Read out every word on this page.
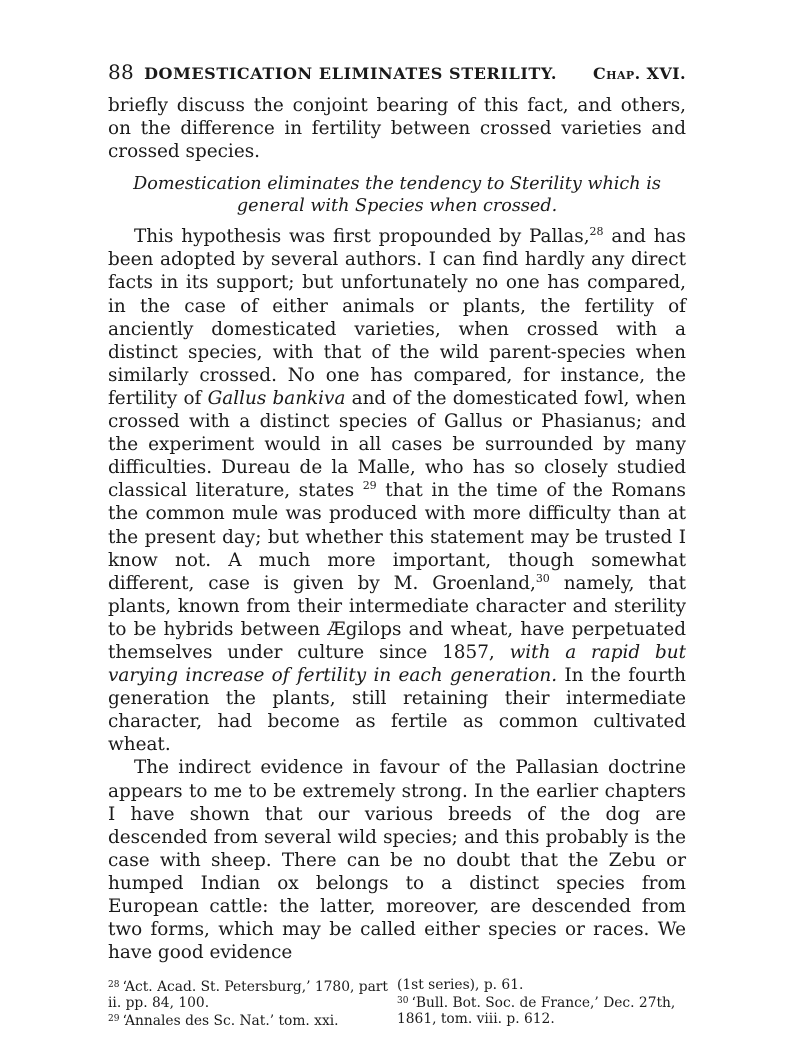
88 DOMESTICATION ELIMINATES STERILITY.	Chap. XVI.

briefly discuss the conjoint bearing of this fact, and others, on the difference in fertility between crossed varieties and crossed species.

Domestication eliminates the tendency to Sterility which is general with Species when crossed.

This hypothesis was first propounded by Pallas,$^{28}$ and has been adopted by several authors. I can find hardly any direct facts in its support; but unfortunately no one has compared, in the case of either animals or plants, the fertility of anciently domesticated varieties, when crossed with a distinct species, with that of the wild parent-species when similarly crossed. No one has compared, for instance, the fertility of Gallus bankiva and of the domesticated fowl, when crossed with a distinct species of Gallus or Phasianus; and the experiment would in all cases be surrounded by many difficulties. Dureau de la Malle, who has so closely studied classical literature, states $^{29}$ that in the time of the Romans the common mule was produced with more difficulty than at the present day; but whether this statement may be trusted I know not. A much more important, though somewhat different, case is given by M. Groenland,$^{30}$ namely, that plants, known from their intermediate character and sterility to be hybrids between Ægilops and wheat, have perpetuated themselves under culture since 1857, with a rapid but varying increase of fertility in each generation. In the fourth generation the plants, still retaining their intermediate character, had become as fertile as common cultivated wheat.

The indirect evidence in favour of the Pallasian doctrine appears to me to be extremely strong. In the earlier chapters I have shown that our various breeds of the dog are descended from several wild species; and this probably is the case with sheep. There can be no doubt that the Zebu or humped Indian ox belongs to a distinct species from European cattle: the latter, moreover, are descended from two forms, which may be called either species or races. We have good evidence

$^{28}$ ‘Act. Acad. St. Petersburg,’ 1780, part ii. pp. 84, 100.
$^{29}$ ‘Annales des Sc. Nat.’ tom. xxi.
(1st series), p. 61.
$^{30}$ ‘Bull. Bot. Soc. de France,’ Dec. 27th, 1861, tom. viii. p. 612.
